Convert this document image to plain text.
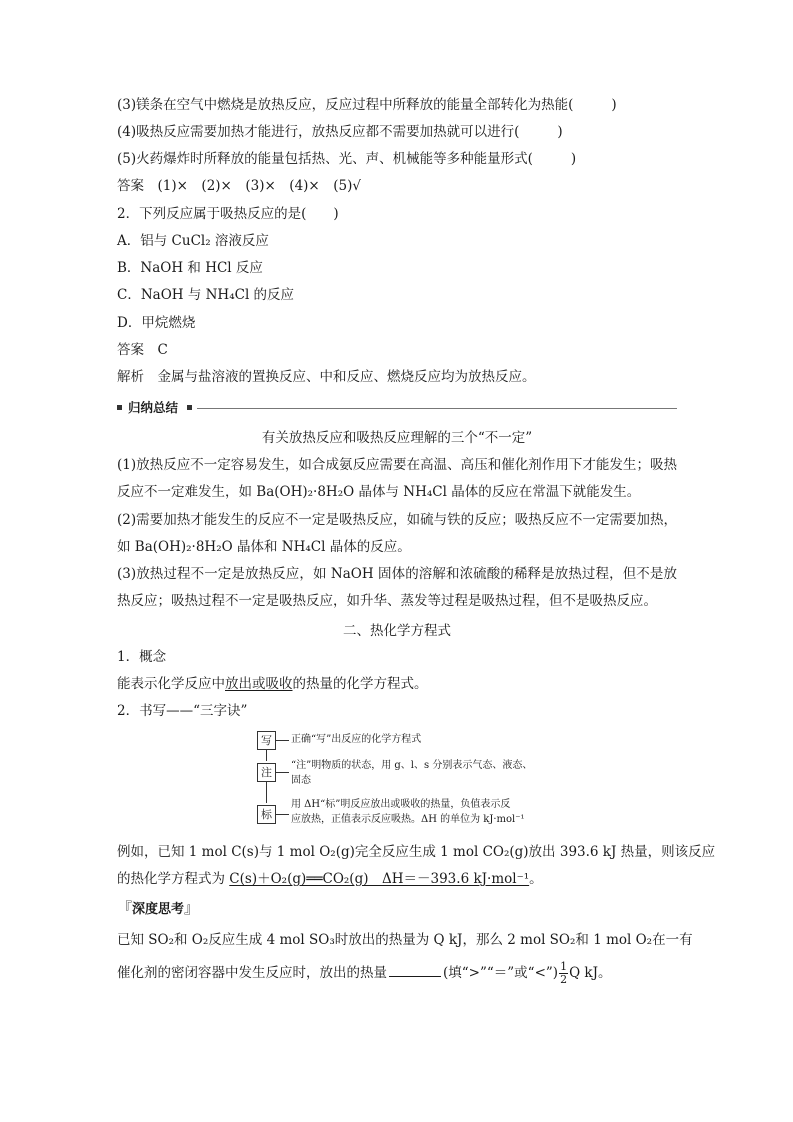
(3)镁条在空气中燃烧是放热反应，反应过程中所释放的能量全部转化为热能(	)
(4)吸热反应需要加热才能进行，放热反应都不需要加热就可以进行(	)
(5)火药爆炸时所释放的能量包括热、光、声、机械能等多种能量形式(	)
答案　(1)×　(2)×　(3)×　(4)×　(5)√
2．下列反应属于吸热反应的是(　　)
A．铝与 CuCl₂ 溶液反应
B．NaOH 和 HCl 反应
C．NaOH 与 NH₄Cl 的反应
D．甲烷燃烧
答案　C
解析　金属与盐溶液的置换反应、中和反应、燃烧反应均为放热反应。
归纳总结
有关放热反应和吸热反应理解的三个“不一定”
(1)放热反应不一定容易发生，如合成氨反应需要在高温、高压和催化剂作用下才能发生；吸热反应不一定难发生，如 Ba(OH)₂·8H₂O 晶体与 NH₄Cl 晶体的反应在常温下就能发生。
(2)需要加热才能发生的反应不一定是吸热反应，如硫与铁的反应；吸热反应不一定需要加热，如 Ba(OH)₂·8H₂O 晶体和 NH₄Cl 晶体的反应。
(3)放热过程不一定是放热反应，如 NaOH 固体的溶解和浓硫酸的稀释是放热过程，但不是放热反应；吸热过程不一定是吸热反应，如升华、蒸发等过程是吸热过程，但不是吸热反应。
二、热化学方程式
1．概念
能表示化学反应中放出或吸收的热量的化学方程式。
2．书写——“三字诀”
写	正确“写”出反应的化学方程式
注
“注”明物质的状态，用 g、l、s 分别表示气态、液态、
固态
标
用 ΔH“标”明反应放出或吸收的热量，负值表示反
应放热，正值表示反应吸热。ΔH 的单位为 kJ·mol⁻¹
例如，已知 1 mol C(s)与 1 mol O₂(g)完全反应生成 1 mol CO₂(g)放出 393.6 kJ 热量，则该反应
的热化学方程式为 C(s)＋O₂(g)══CO₂(g)　ΔH＝－393.6 kJ·mol⁻¹。
『深度思考』
已知 SO₂和 O₂反应生成 4 mol SO₃时放出的热量为 Q kJ，那么 2 mol SO₂和 1 mol O₂在一有
催化剂的密闭容器中发生反应时，放出的热量	(填“>”“＝”或“<”) $\frac{1}{2}$ Q kJ。
